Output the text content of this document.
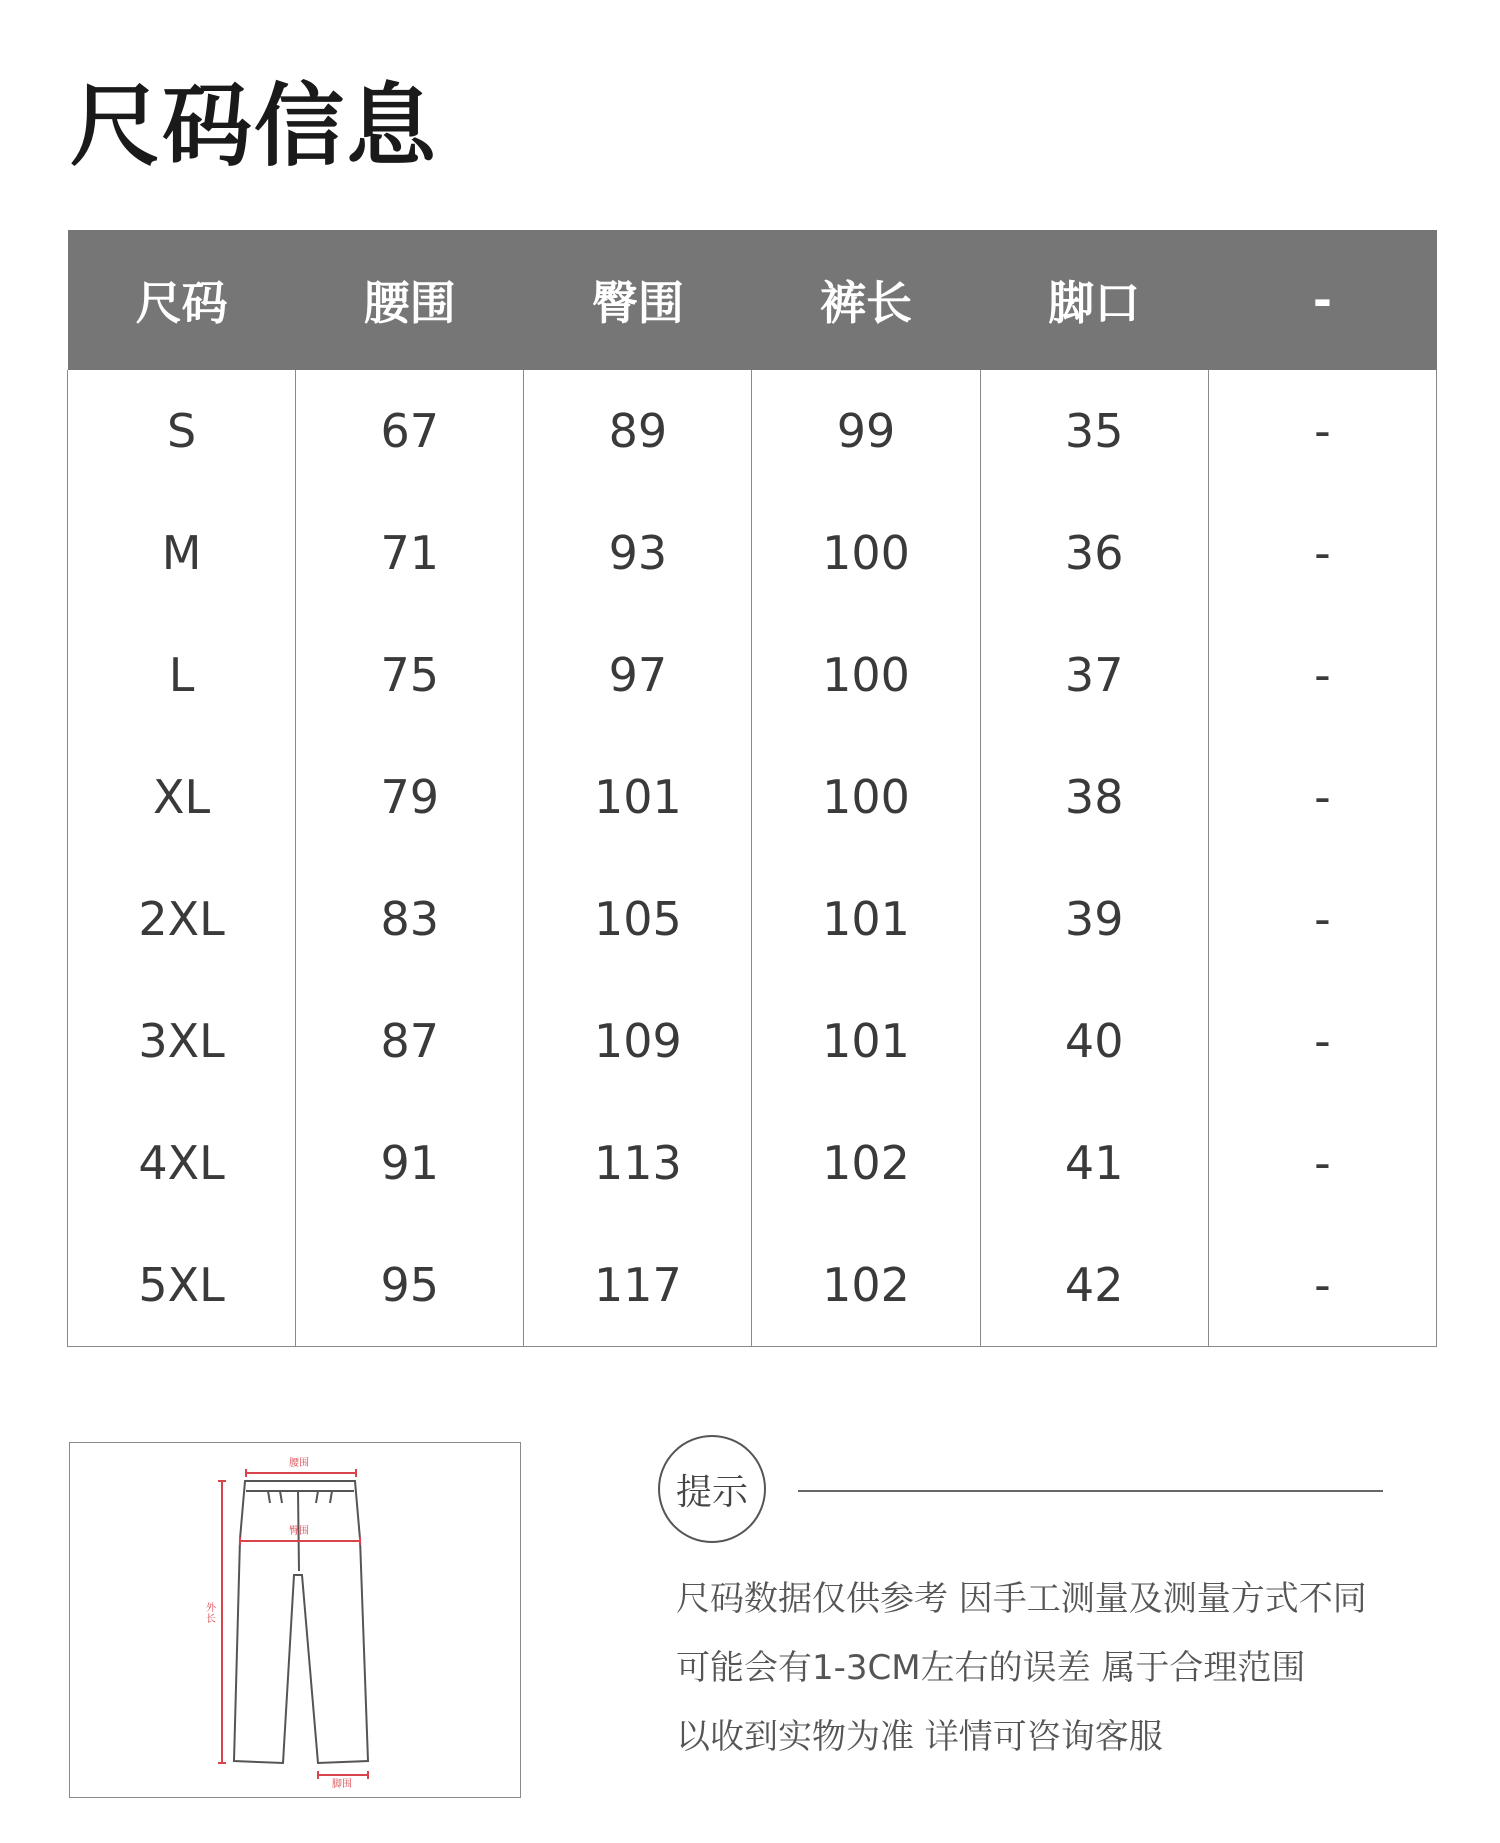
尺码信息
尺码	腰围	臀围	裤长	脚口	-
S	67	89	99	35	-
M	71	93	100	36	-
L	75	97	100	37	-
XL	79	101	100	38	-
2XL	83	105	101	39	-
3XL	87	109	101	40	-
4XL	91	113	102	41	-
5XL	95	117	102	42	-
腰围
臀围
外长
脚围
提示
尺码数据仅供参考 因手工测量及测量方式不同
可能会有1-3CM左右的误差 属于合理范围
以收到实物为准 详情可咨询客服
